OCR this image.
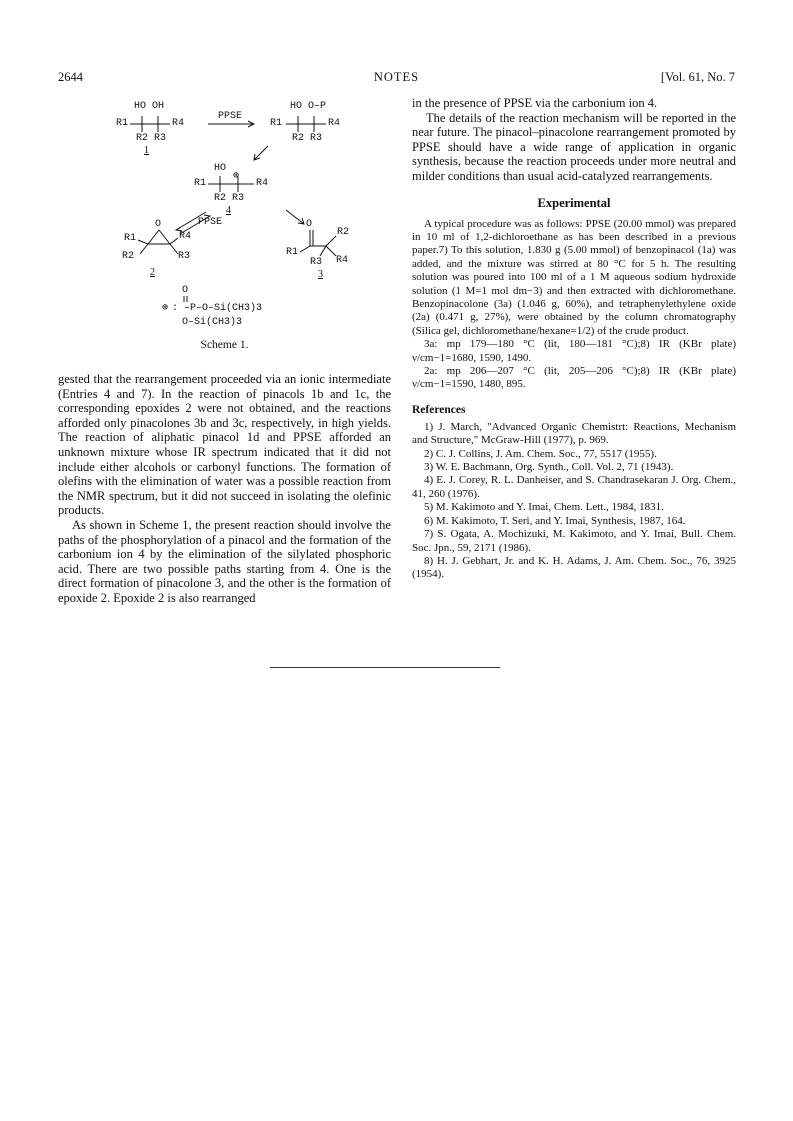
2644	NOTES	[Vol. 61, No. 7
HO OH
R1	R4
R2 R3
1
PPSE
HO O–P
R1	R4
R2 R3
HO
R1
⊕
R4
R2 R3
4
PPSE
O
R1	R4
R2	R3
2
O
R2
R1
R3 R4
3
O
⊕ : –P–O–Si(CH3)3
O–Si(CH3)3
Scheme 1.

gested that the rearrangement proceeded via an ionic intermediate (Entries 4 and 7). In the reaction of pinacols 1b and 1c, the corresponding epoxides 2 were not obtained, and the reactions afforded only pinacolones 3b and 3c, respectively, in high yields. The reaction of aliphatic pinacol 1d and PPSE afforded an unknown mixture whose IR spectrum indicated that it did not include either alcohols or carbonyl functions. The formation of olefins with the elimination of water was a possible reaction from the NMR spectrum, but it did not succeed in isolating the olefinic products.

As shown in Scheme 1, the present reaction should involve the paths of the phosphorylation of a pinacol and the formation of the carbonium ion 4 by the elimination of the silylated phosphoric acid. There are two possible paths starting from 4. One is the direct formation of pinacolone 3, and the other is the formation of epoxide 2. Epoxide 2 is also rearranged

in the presence of PPSE via the carbonium ion 4.

The details of the reaction mechanism will be reported in the near future. The pinacol–pinacolone rearrangement promoted by PPSE should have a wide range of application in organic synthesis, because the reaction proceeds under more neutral and milder conditions than usual acid-catalyzed rearrangements.

Experimental

A typical procedure was as follows: PPSE (20.00 mmol) was prepared in 10 ml of 1,2-dichloroethane as has been described in a previous paper.7) To this solution, 1.830 g (5.00 mmol) of benzopinacol (1a) was added, and the mixture was stirred at 80 °C for 5 h. The resulting solution was poured into 100 ml of a 1 M aqueous sodium hydroxide solution (1 M=1 mol dm−3) and then extracted with dichloromethane. Benzopinacolone (3a) (1.046 g, 60%), and tetraphenylethylene oxide (2a) (0.471 g, 27%), were obtained by the column chromatography (Silica gel, dichloromethane/hexane=1/2) of the crude product.

3a: mp 179—180 °C (lit, 180—181 °C);8) IR (KBr plate) ν/cm−1=1680, 1590, 1490.

2a: mp 206—207 °C (lit, 205—206 °C);8) IR (KBr plate) ν/cm−1=1590, 1480, 895.

References
1) J. March, "Advanced Organic Chemistrt: Reactions, Mechanism and Structure," McGraw-Hill (1977), p. 969.
2) C. J. Collins, J. Am. Chem. Soc., 77, 5517 (1955).
3) W. E. Bachmann, Org. Synth., Coll. Vol. 2, 71 (1943).
4) E. J. Corey, R. L. Danheiser, and S. Chandrasekaran J. Org. Chem., 41, 260 (1976).
5) M. Kakimoto and Y. Imai, Chem. Lett., 1984, 1831.
6) M. Kakimoto, T. Seri, and Y. Imai, Synthesis, 1987, 164.
7) S. Ogata, A. Mochizuki, M. Kakimoto, and Y. Imai, Bull. Chem. Soc. Jpn., 59, 2171 (1986).
8) H. J. Gebhart, Jr. and K. H. Adams, J. Am. Chem. Soc., 76, 3925 (1954).
